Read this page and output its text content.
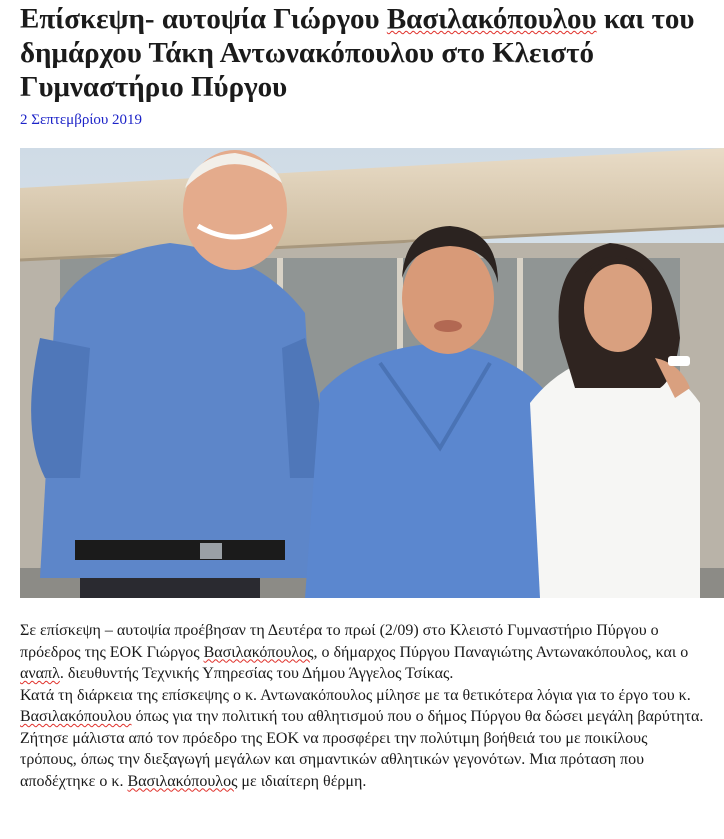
Επίσκεψη- αυτοψία Γιώργου Βασιλακόπουλου και του δημάρχου Τάκη Αντωνακόπουλου στο Κλειστό Γυμναστήριο Πύργου
2 Σεπτεμβρίου 2019

Σε επίσκεψη – αυτοψία προέβησαν τη Δευτέρα το πρωί (2/09) στο Κλειστό Γυμναστήριο Πύργου ο πρόεδρος της ΕΟΚ Γιώργος Βασιλακόπουλος, ο δήμαρχος Πύργου Παναγιώτης Αντωνακόπουλος, και ο αναπλ. διευθυντής Τεχνικής Υπηρεσίας του Δήμου Άγγελος Τσίκας.

Κατά τη διάρκεια της επίσκεψης ο κ. Αντωνακόπουλος μίλησε με τα θετικότερα λόγια για το έργο του κ. Βασιλακόπουλου όπως για την πολιτική του αθλητισμού που ο δήμος Πύργου θα δώσει μεγάλη βαρύτητα. Ζήτησε μάλιστα από τον πρόεδρο της ΕΟΚ να προσφέρει την πολύτιμη βοήθειά του με ποικίλους τρόπους, όπως την διεξαγωγή μεγάλων και σημαντικών αθλητικών γεγονότων. Μια πρόταση που αποδέχτηκε ο κ. Βασιλακόπουλος με ιδιαίτερη θέρμη.
